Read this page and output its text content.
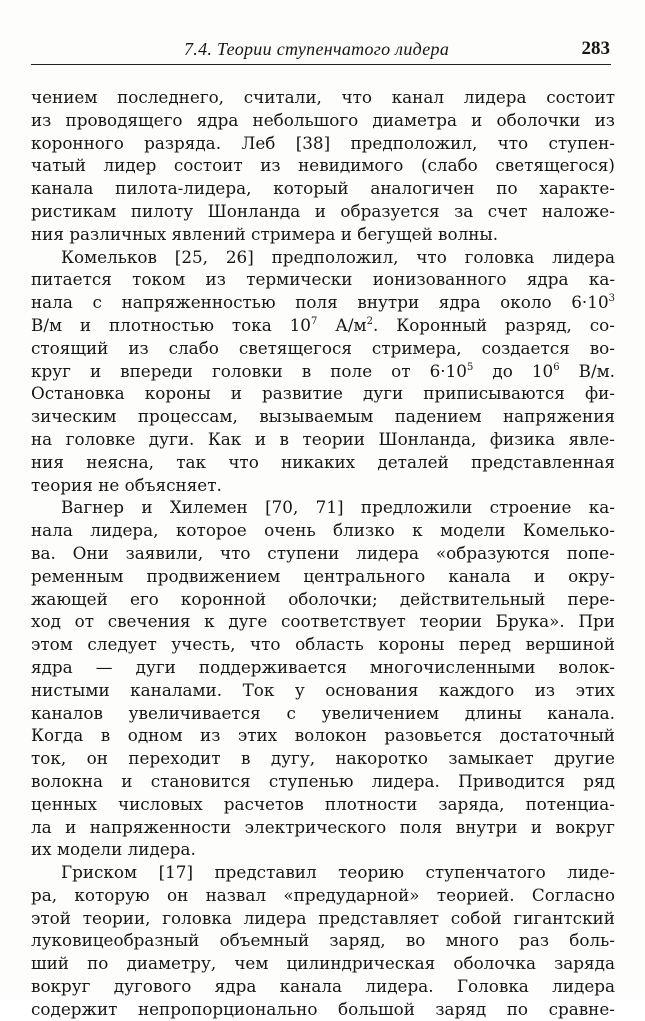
7.4. Теории ступенчатого лидера	283
чением последнего, считали, что канал лидера состоит
из проводящего ядра небольшого диаметра и оболочки из
коронного разряда. Леб [38] предположил, что ступен-
чатый лидер состоит из невидимого (слабо светящегося)
канала пилота-лидера, который аналогичен по характе-
ристикам пилоту Шонланда и образуется за счет наложе-
ния
различных
явлений
стримера
и
бегущей
волны.
Комельков [25, 26] предположил, что головка лидера
питается током из термически ионизованного ядра ка-
нала с напряженностью поля внутри ядра около $6\cdot 10^3$
В/м и плотностью тока $10^7$ $А/м^2$. Коронный разряд, со-
стоящий из слабо светящегося стримера, создается во-
круг и впереди головки в поле от $6\cdot 10^5$ до $10^6$ В/м.
Остановка короны и развитие дуги приписываются фи-
зическим процессам, вызываемым падением напряжения
на головке дуги. Как и в теории Шонланда, физика явле-
ния неясна, так что никаких деталей представленная
теория
не
объясняет.
Вагнер и Хилемен [70, 71] предложили строение ка-
нала лидера, которое очень близко к модели Комелько-
ва. Они заявили, что ступени лидера «образуются попе-
ременным продвижением центрального канала и окру-
жающей его коронной оболочки; действительный пере-
ход от свечения к дуге соответствует теории Брука». При
этом следует учесть, что область короны перед вершиной
ядра — дуги поддерживается многочисленными волок-
нистыми каналами. Ток у основания каждого из этих
каналов увеличивается с увеличением длины канала.
Когда в одном из этих волокон разовьется достаточный
ток, он переходит в дугу, накоротко замыкает другие
волокна и становится ступенью лидера. Приводится ряд
ценных числовых расчетов плотности заряда, потенциа-
ла и напряженности электрического поля внутри и вокруг
их
модели
лидера.
Гриском [17] представил теорию ступенчатого лиде-
ра, которую он назвал «предударной» теорией. Согласно
этой теории, головка лидера представляет собой гигантский
луковицеобразный объемный заряд, во много раз боль-
ший по диаметру, чем цилиндрическая оболочка заряда
вокруг дугового ядра канала лидера. Головка лидера
содержит непропорционально большой заряд по сравне-
